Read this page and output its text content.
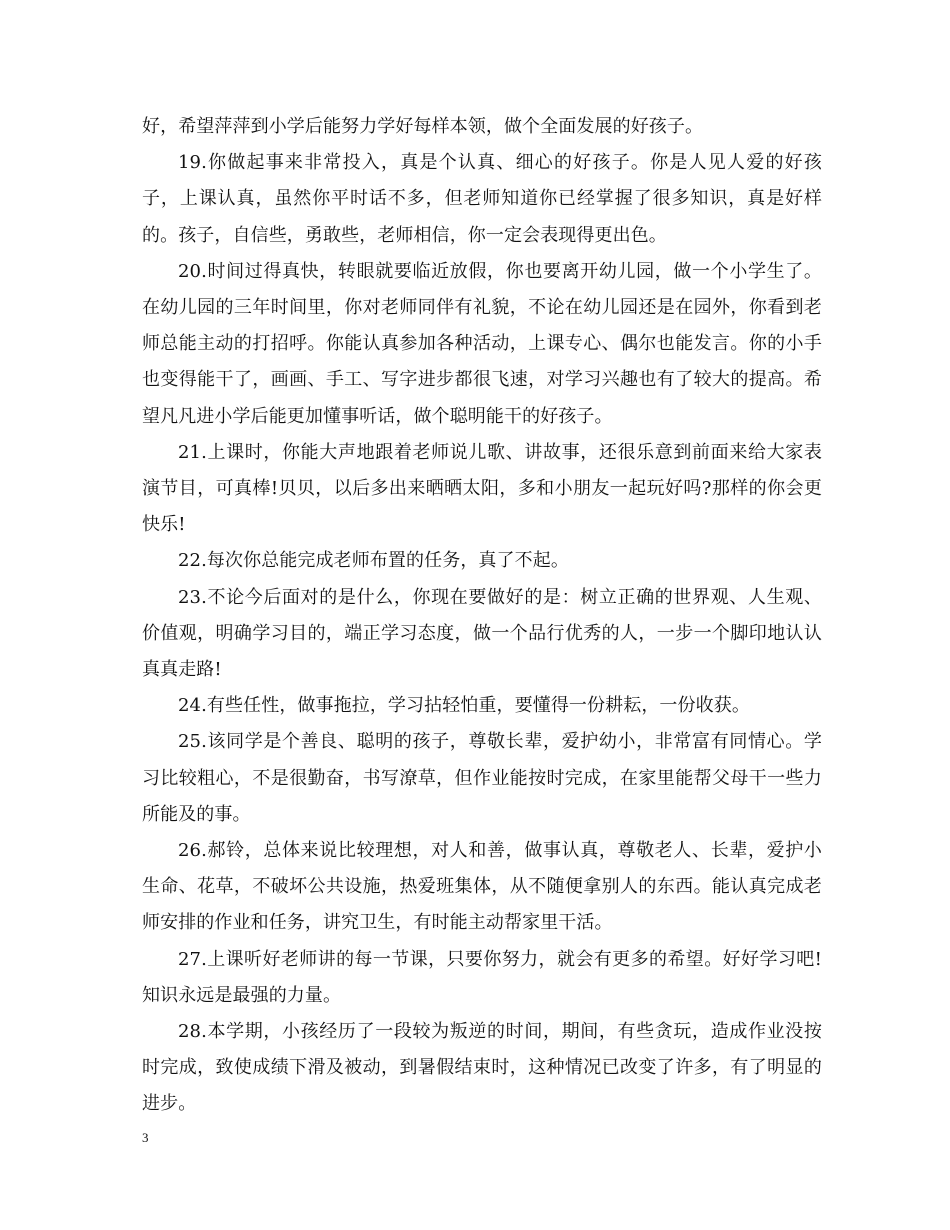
好，希望萍萍到小学后能努力学好每样本领，做个全面发展的好孩子。

19.你做起事来非常投入，真是个认真、细心的好孩子。你是人见人爱的好孩子，上课认真，虽然你平时话不多，但老师知道你已经掌握了很多知识，真是好样的。孩子，自信些，勇敢些，老师相信，你一定会表现得更出色。

20.时间过得真快，转眼就要临近放假，你也要离开幼儿园，做一个小学生了。在幼儿园的三年时间里，你对老师同伴有礼貌，不论在幼儿园还是在园外，你看到老师总能主动的打招呼。你能认真参加各种活动，上课专心、偶尔也能发言。你的小手也变得能干了，画画、手工、写字进步都很飞速，对学习兴趣也有了较大的提高。希望凡凡进小学后能更加懂事听话，做个聪明能干的好孩子。

21.上课时，你能大声地跟着老师说儿歌、讲故事，还很乐意到前面来给大家表演节目，可真棒!贝贝，以后多出来晒晒太阳，多和小朋友一起玩好吗?那样的你会更快乐!

22.每次你总能完成老师布置的任务，真了不起。

23.不论今后面对的是什么，你现在要做好的是：树立正确的世界观、人生观、价值观，明确学习目的，端正学习态度，做一个品行优秀的人，一步一个脚印地认认真真走路!

24.有些任性，做事拖拉，学习拈轻怕重，要懂得一份耕耘，一份收获。

25.该同学是个善良、聪明的孩子，尊敬长辈，爱护幼小，非常富有同情心。学习比较粗心，不是很勤奋，书写潦草，但作业能按时完成，在家里能帮父母干一些力所能及的事。

26.郝铃，总体来说比较理想，对人和善，做事认真，尊敬老人、长辈，爱护小生命、花草，不破坏公共设施，热爱班集体，从不随便拿别人的东西。能认真完成老师安排的作业和任务，讲究卫生，有时能主动帮家里干活。

27.上课听好老师讲的每一节课，只要你努力，就会有更多的希望。好好学习吧!知识永远是最强的力量。

28.本学期，小孩经历了一段较为叛逆的时间，期间，有些贪玩，造成作业没按时完成，致使成绩下滑及被动，到暑假结束时，这种情况已改变了许多，有了明显的进步。

3
